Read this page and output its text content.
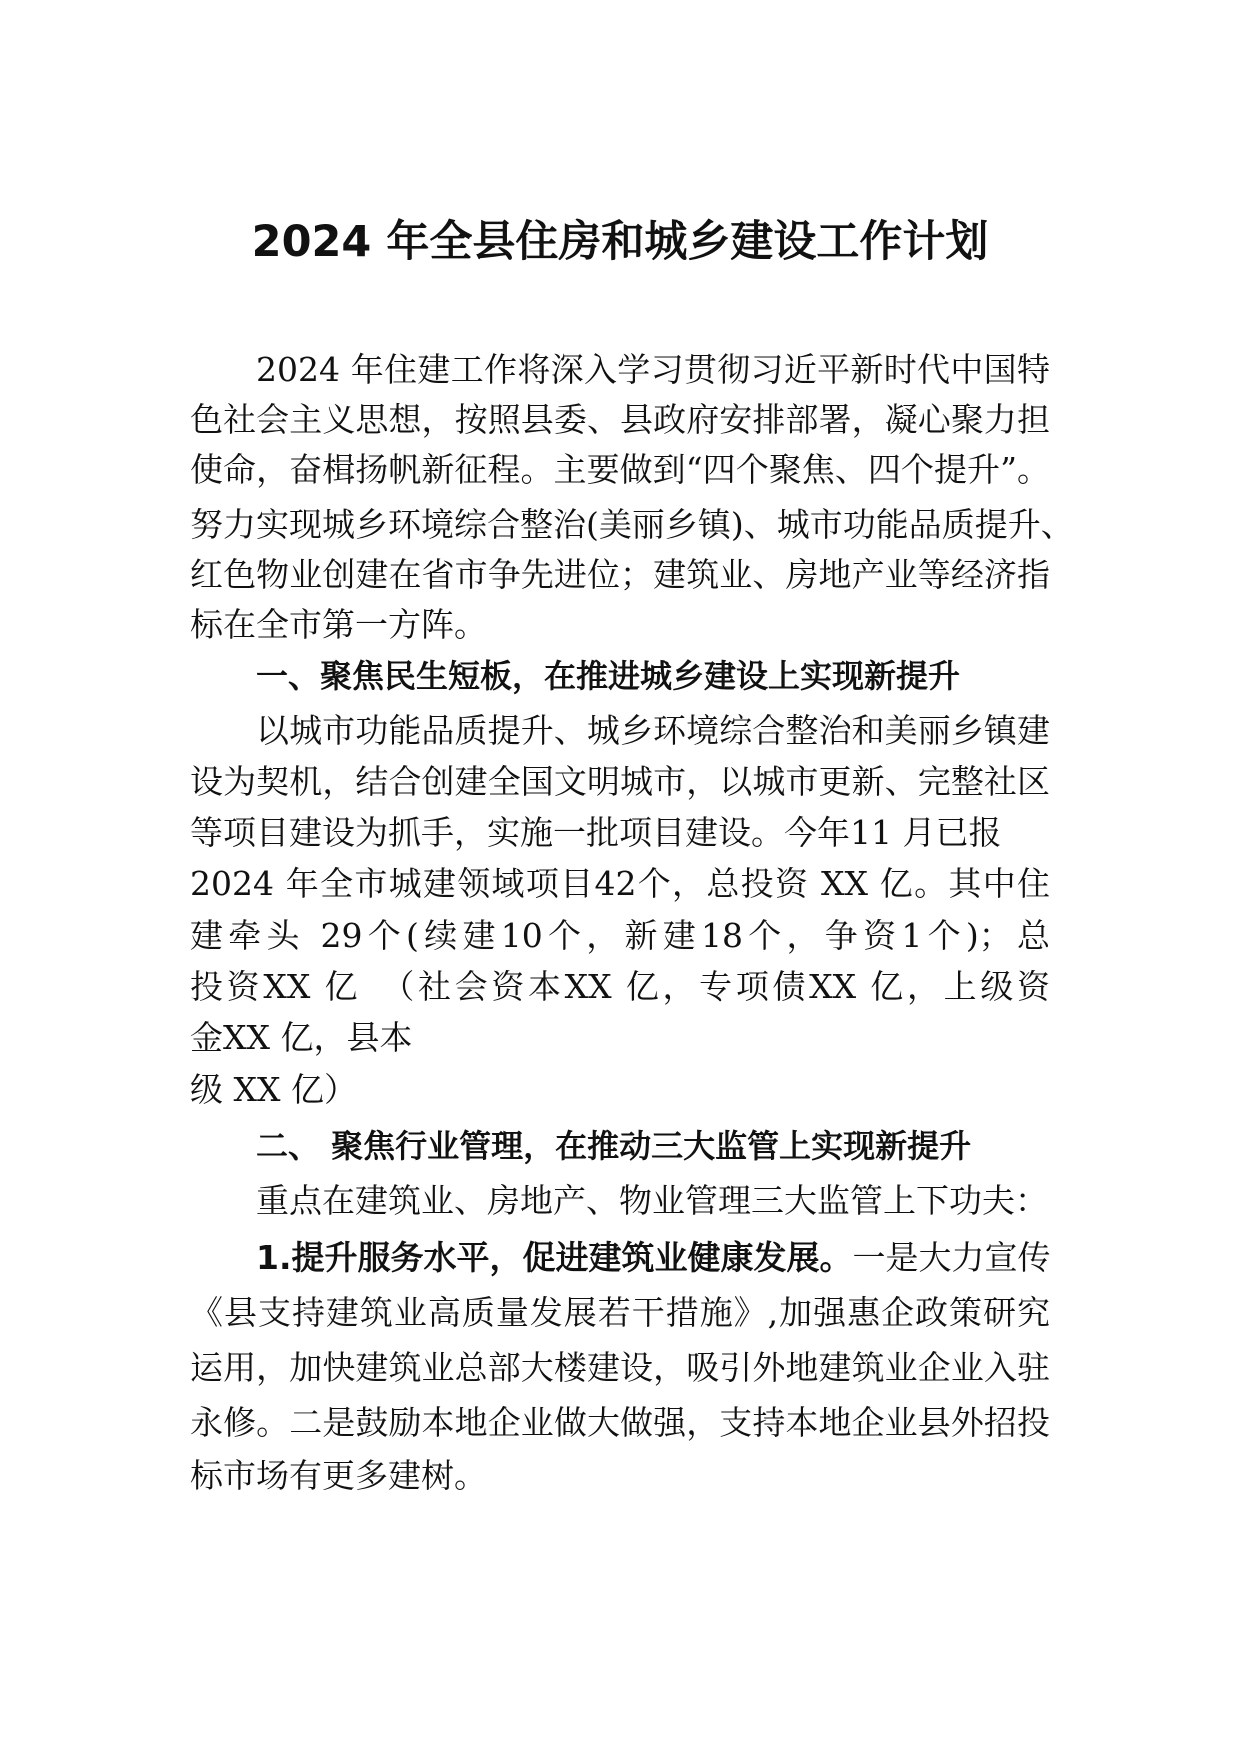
2024 年全县住房和城乡建设工作计划

2024 年住建工作将深入学习贯彻习近平新时代中国特

色社会主义思想，按照县委、县政府安排部署，凝心聚力担

使命，奋楫扬帆新征程。主要做到“四个聚焦、四个提升”。

努力实现城乡环境综合整治(美丽乡镇)、城市功能品质提升、

红色物业创建在省市争先进位；建筑业、房地产业等经济指

标在全市第一方阵。

一、聚焦民生短板，在推进城乡建设上实现新提升

以城市功能品质提升、城乡环境综合整治和美丽乡镇建

设为契机，结合创建全国文明城市，以城市更新、完整社区

等项目建设为抓手，实施一批项目建设。今年11 月已报

2024 年全市城建领域项目42个，总投资 XX 亿。其中住

建牵头 29个(续建10个，新建18个，争资1个)；总

投资XX 亿　（社会资本XX 亿，专项债XX 亿，上级资

金XX 亿，县本

级 XX 亿）

二、 聚焦行业管理，在推动三大监管上实现新提升

重点在建筑业、房地产、物业管理三大监管上下功夫：

1.提升服务水平，促进建筑业健康发展。一是大力宣传

《县支持建筑业高质量发展若干措施》,加强惠企政策研究

运用，加快建筑业总部大楼建设，吸引外地建筑业企业入驻

永修。二是鼓励本地企业做大做强，支持本地企业县外招投

标市场有更多建树。
